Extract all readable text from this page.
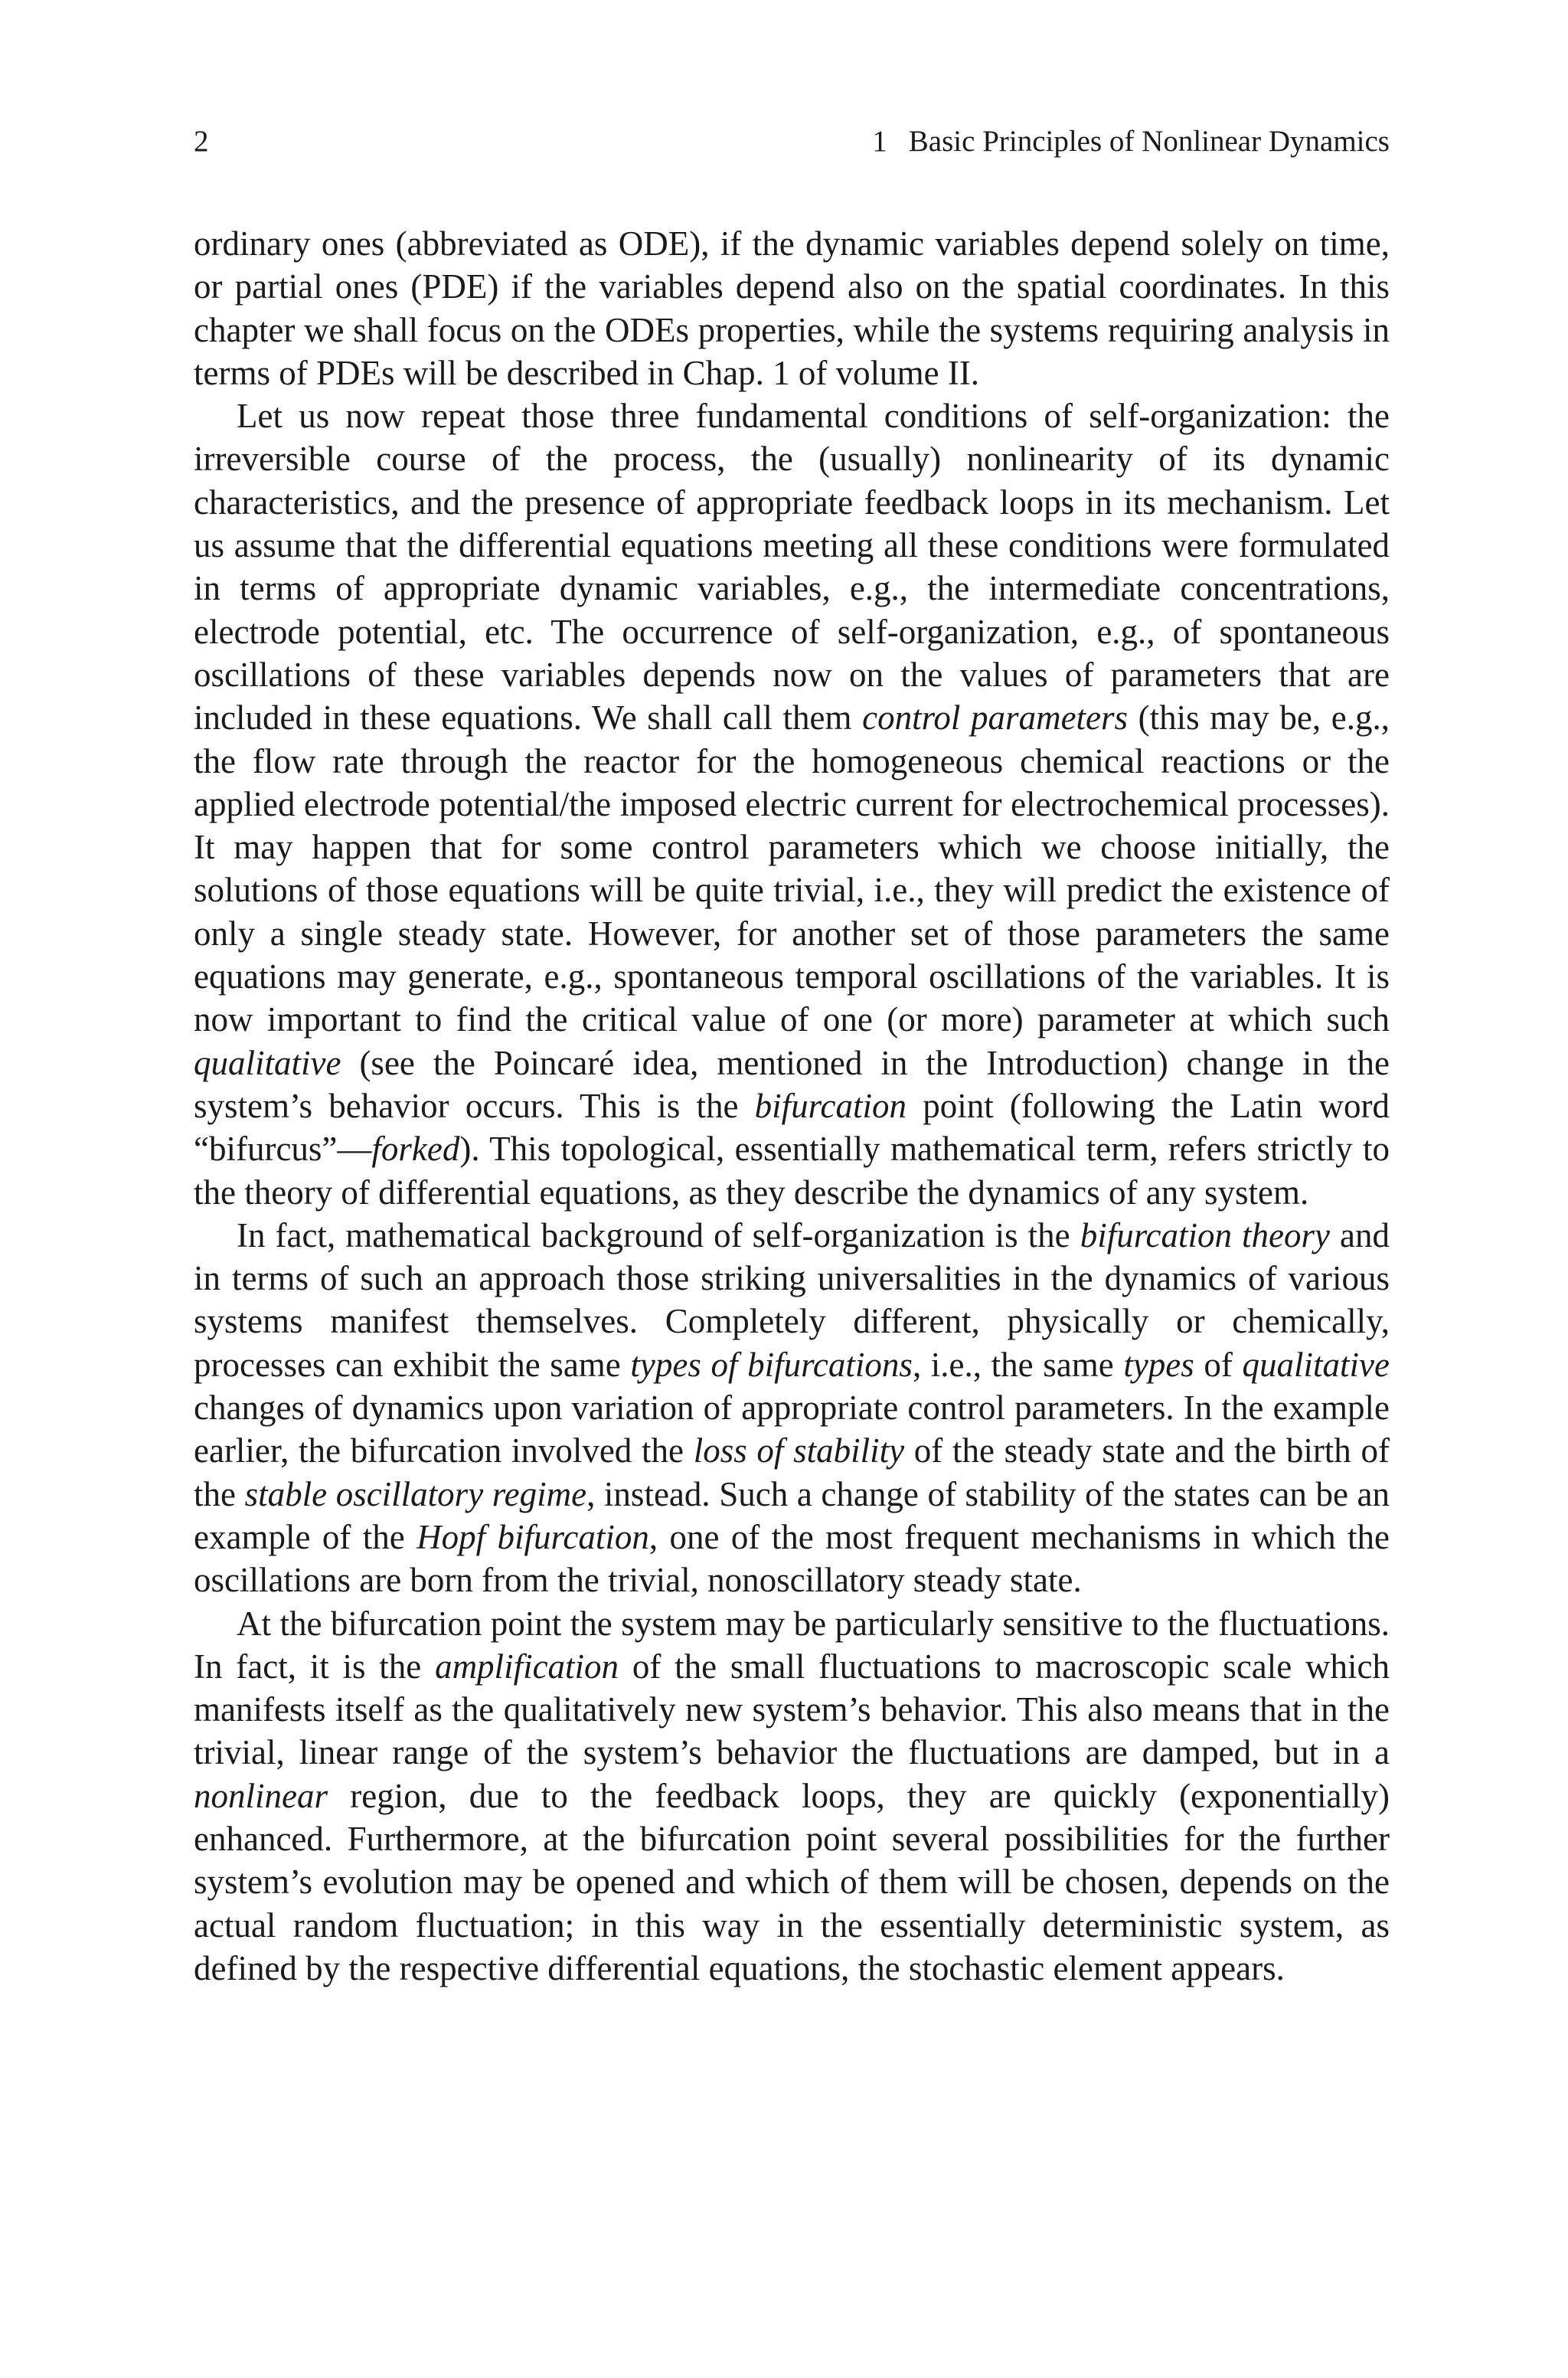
2	1 Basic Principles of Nonlinear Dynamics

ordinary ones (abbreviated as ODE), if the dynamic variables depend solely on time, or partial ones (PDE) if the variables depend also on the spatial coordinates. In this chapter we shall focus on the ODEs properties, while the systems requiring analysis in terms of PDEs will be described in Chap. 1 of volume II.

Let us now repeat those three fundamental conditions of self-organization: the irreversible course of the process, the (usually) nonlinearity of its dynamic characteristics, and the presence of appropriate feedback loops in its mechanism. Let us assume that the differential equations meeting all these conditions were formulated in terms of appropriate dynamic variables, e.g., the intermediate concentrations, electrode potential, etc. The occurrence of self-organization, e.g., of spontaneous oscillations of these variables depends now on the values of parameters that are included in these equations. We shall call them control parameters (this may be, e.g., the flow rate through the reactor for the homogeneous chemical reactions or the applied electrode potential/the imposed electric current for electrochemical processes). It may happen that for some control parameters which we choose initially, the solutions of those equations will be quite trivial, i.e., they will predict the existence of only a single steady state. However, for another set of those parameters the same equations may generate, e.g., spontaneous temporal oscillations of the variables. It is now important to find the critical value of one (or more) parameter at which such qualitative (see the Poincaré idea, mentioned in the Introduction) change in the system’s behavior occurs. This is the bifurcation point (following the Latin word “bifurcus”—forked). This topological, essentially mathematical term, refers strictly to the theory of differential equations, as they describe the dynamics of any system.

In fact, mathematical background of self-organization is the bifurcation theory and in terms of such an approach those striking universalities in the dynamics of various systems manifest themselves. Completely different, physically or chemically, processes can exhibit the same types of bifurcations, i.e., the same types of qualitative changes of dynamics upon variation of appropriate control parameters. In the example earlier, the bifurcation involved the loss of stability of the steady state and the birth of the stable oscillatory regime, instead. Such a change of stability of the states can be an example of the Hopf bifurcation, one of the most frequent mechanisms in which the oscillations are born from the trivial, nonoscillatory steady state.

At the bifurcation point the system may be particularly sensitive to the fluctuations. In fact, it is the amplification of the small fluctuations to macroscopic scale which manifests itself as the qualitatively new system’s behavior. This also means that in the trivial, linear range of the system’s behavior the fluctuations are damped, but in a nonlinear region, due to the feedback loops, they are quickly (exponentially) enhanced. Furthermore, at the bifurcation point several possibilities for the further system’s evolution may be opened and which of them will be chosen, depends on the actual random fluctuation; in this way in the essentially deterministic system, as defined by the respective differential equations, the stochastic element appears.
